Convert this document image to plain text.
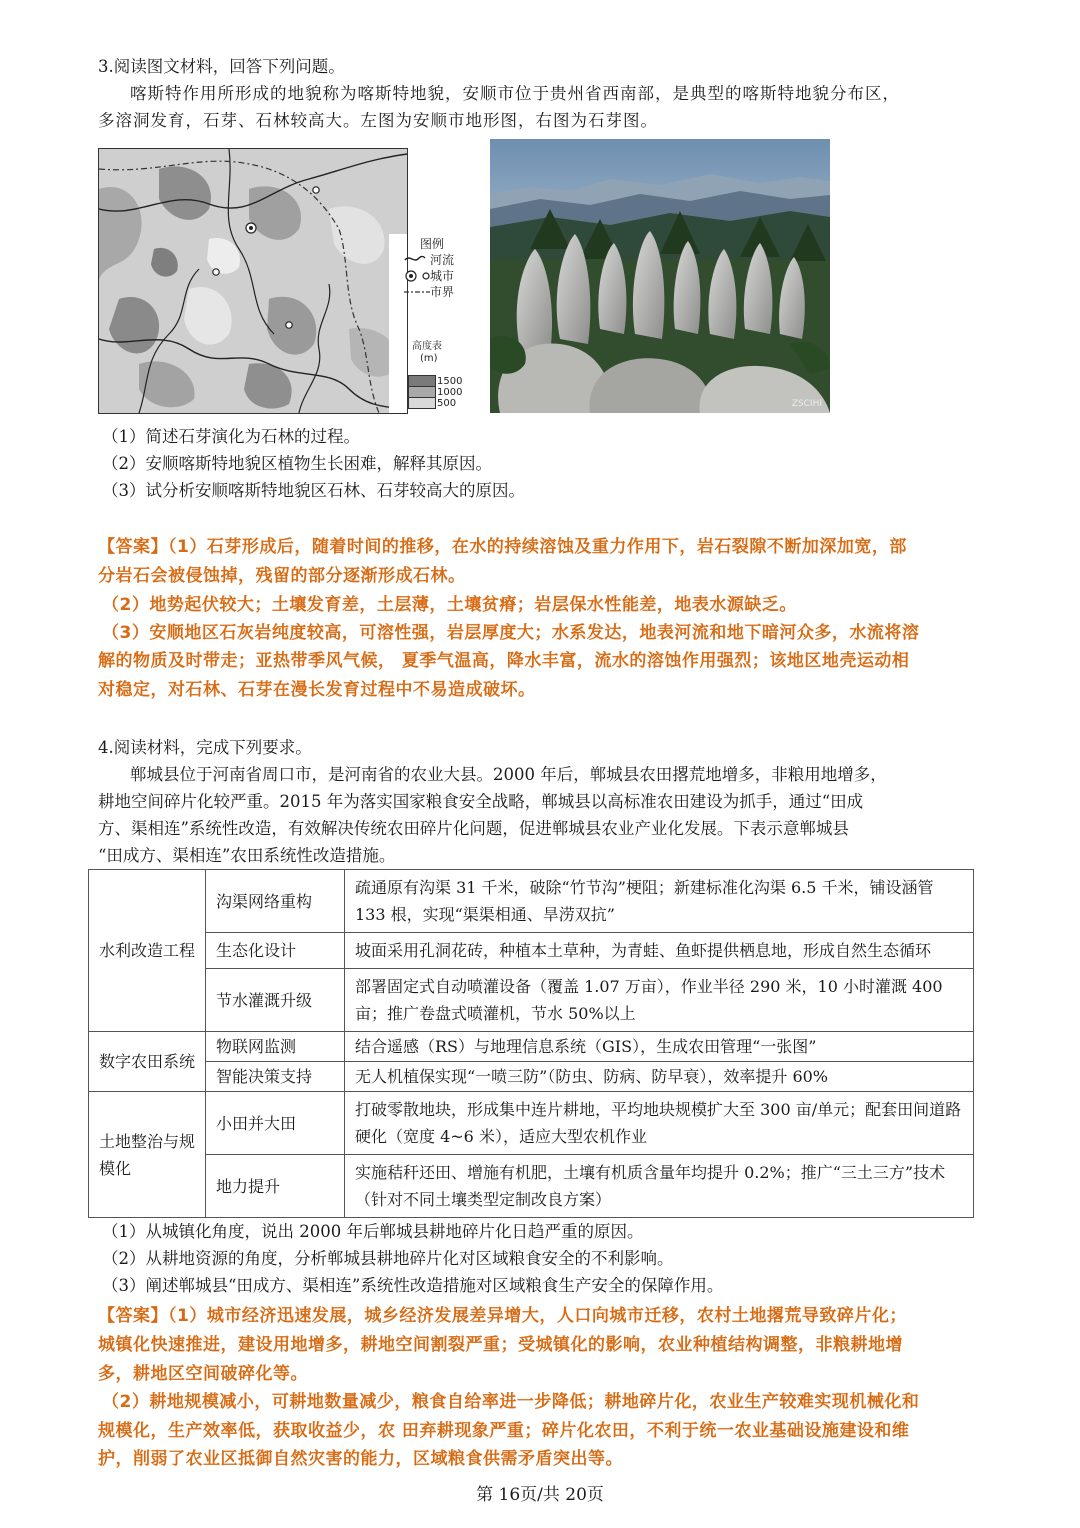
3.阅读图文材料，回答下列问题。
喀斯特作用所形成的地貌称为喀斯特地貌，安顺市位于贵州省西南部，是典型的喀斯特地貌分布区，
多溶洞发育，石芽、石林较高大。左图为安顺市地形图，右图为石芽图。
图例
河流
城市
市界
高度表
(m)
1500
1000
500	ZSCIHI
（1）简述石芽演化为石林的过程。
（2）安顺喀斯特地貌区植物生长困难，解释其原因。
（3）试分析安顺喀斯特地貌区石林、石芽较高大的原因。
【答案】（1）石芽形成后，随着时间的推移，在水的持续溶蚀及重力作用下，岩石裂隙不断加深加宽，部
分岩石会被侵蚀掉，残留的部分逐渐形成石林。
（2）地势起伏较大；土壤发育差，土层薄，土壤贫瘠；岩层保水性能差，地表水源缺乏。
（3）安顺地区石灰岩纯度较高，可溶性强，岩层厚度大；水系发达，地表河流和地下暗河众多，水流将溶
解的物质及时带走；亚热带季风气候， 夏季气温高，降水丰富，流水的溶蚀作用强烈；该地区地壳运动相
对稳定，对石林、石芽在漫长发育过程中不易造成破坏。
4.阅读材料，完成下列要求。
郸城县位于河南省周口市，是河南省的农业大县。2000 年后，郸城县农田撂荒地增多，非粮用地增多，
耕地空间碎片化较严重。2015 年为落实国家粮食安全战略，郸城县以高标准农田建设为抓手，通过“田成
方、渠相连”系统性改造，有效解决传统农田碎片化问题，促进郸城县农业产业化发展。下表示意郸城县
“田成方、渠相连”农田系统性改造措施。
水利改造工程	沟渠网络重构	疏通原有沟渠 31 千米，破除“竹节沟”梗阻；新建标准化沟渠 6.5 千米，铺设涵管 133 根，实现“渠渠相通、旱涝双抗”
	生态化设计	坡面采用孔洞花砖，种植本土草种，为青蛙、鱼虾提供栖息地，形成自然生态循环
	节水灌溉升级	部署固定式自动喷灌设备（覆盖 1.07 万亩），作业半径 290 米，10 小时灌溉 400 亩；推广卷盘式喷灌机，节水 50%以上
数字农田系统	物联网监测	结合遥感（RS）与地理信息系统（GIS），生成农田管理“一张图”
	智能决策支持	无人机植保实现“一喷三防”（防虫、防病、防早衰），效率提升 60%
土地整治与规模化	小田并大田	打破零散地块，形成集中连片耕地，平均地块规模扩大至 300 亩/单元；配套田间道路硬化（宽度 4~6 米），适应大型农机作业
	地力提升	实施秸秆还田、增施有机肥，土壤有机质含量年均提升 0.2%；推广“三土三方”技术（针对不同土壤类型定制改良方案）
（1）从城镇化角度，说出 2000 年后郸城县耕地碎片化日趋严重的原因。
（2）从耕地资源的角度，分析郸城县耕地碎片化对区域粮食安全的不利影响。
（3）阐述郸城县“田成方、渠相连”系统性改造措施对区域粮食生产安全的保障作用。
【答案】（1）城市经济迅速发展，城乡经济发展差异增大，人口向城市迁移，农村土地撂荒导致碎片化；
城镇化快速推进，建设用地增多，耕地空间割裂严重；受城镇化的影响，农业种植结构调整，非粮耕地增
多，耕地区空间破碎化等。
（2）耕地规模减小，可耕地数量减少，粮食自给率进一步降低；耕地碎片化，农业生产较难实现机械化和
规模化，生产效率低，获取收益少，农 田弃耕现象严重；碎片化农田，不利于统一农业基础设施建设和维
护，削弱了农业区抵御自然灾害的能力，区域粮食供需矛盾突出等。
第 16页/共 20页
